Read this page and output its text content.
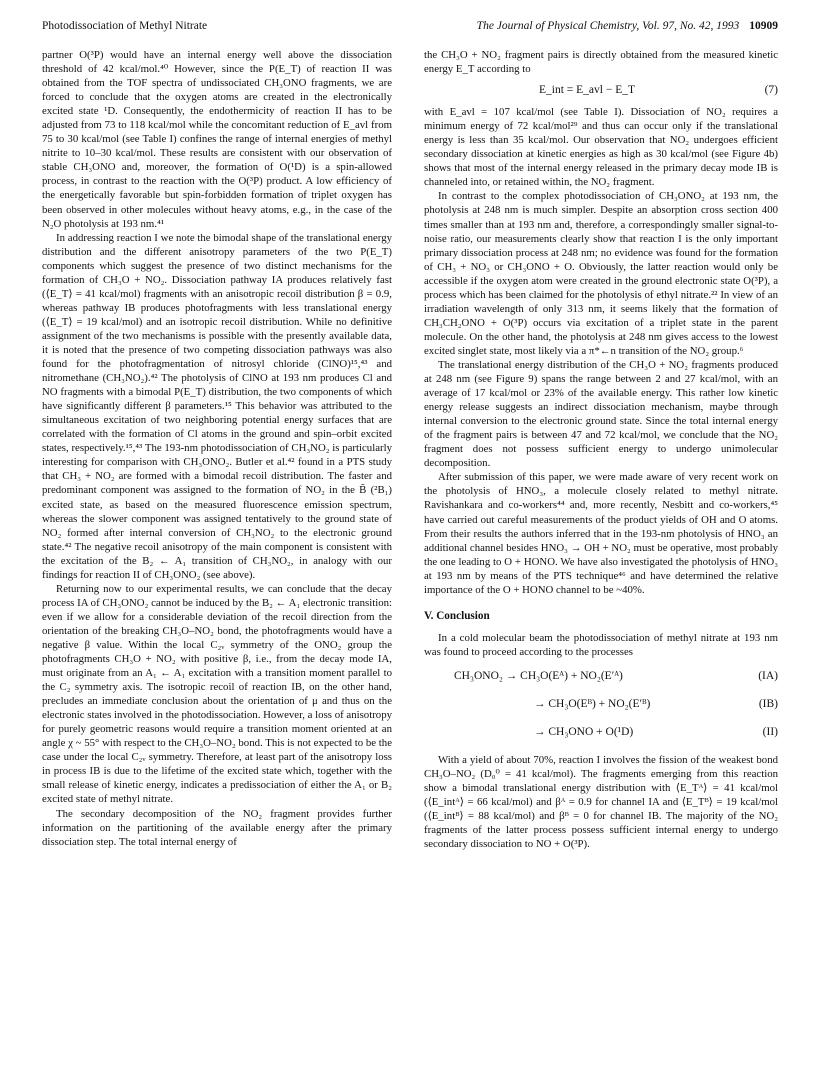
Photodissociation of Methyl Nitrate	The Journal of Physical Chemistry, Vol. 97, No. 42, 1993 10909

partner O(³P) would have an internal energy well above the dissociation threshold of 42 kcal/mol.⁴⁰ However, since the P(E_T) of reaction II was obtained from the TOF spectra of undissociated CH₃ONO fragments, we are forced to conclude that the oxygen atoms are created in the electronically excited state ¹D. Consequently, the endothermicity of reaction II has to be adjusted from 73 to 118 kcal/mol while the concomitant reduction of E_avl from 75 to 30 kcal/mol (see Table I) confines the range of internal energies of methyl nitrite to 10–30 kcal/mol. These results are consistent with our observation of stable CH₃ONO and, moreover, the formation of O(¹D) is a spin-allowed process, in contrast to the reaction with the O(³P) product. A low efficiency of the energetically favorable but spin-forbidden formation of triplet oxygen has been observed in other molecules without heavy atoms, e.g., in the case of the N₂O photolysis at 193 nm.⁴¹

In addressing reaction I we note the bimodal shape of the translational energy distribution and the different anisotropy parameters of the two P(E_T) components which suggest the presence of two distinct mechanisms for the formation of CH₃O + NO₂. Dissociation pathway IA produces relatively fast (⟨E_T⟩ = 41 kcal/mol) fragments with an anisotropic recoil distribution β = 0.9, whereas pathway IB produces photofragments with less translational energy (⟨E_T⟩ = 19 kcal/mol) and an isotropic recoil distribution. While no definitive assignment of the two mechanisms is possible with the presently available data, it is noted that the presence of two competing dissociation pathways was also found for the photofragmentation of nitrosyl chloride (ClNO)¹⁵,⁴³ and nitromethane (CH₃NO₂).⁴² The photolysis of ClNO at 193 nm produces Cl and NO fragments with a bimodal P(E_T) distribution, the two components of which have significantly different β parameters.¹⁵ This behavior was attributed to the simultaneous excitation of two neighboring potential energy surfaces that are correlated with the formation of Cl atoms in the ground and spin–orbit excited states, respectively.¹⁵,⁴³ The 193-nm photodissociation of CH₃NO₂ is particularly interesting for comparison with CH₃ONO₂. Butler et al.⁴² found in a PTS study that CH₃ + NO₂ are formed with a bimodal recoil distribution. The faster and predominant component was assigned to the formation of NO₂ in the B̃ (²B₁) excited state, as based on the measured fluorescence emission spectrum, whereas the slower component was assigned tentatively to the ground state of NO₂ formed after internal conversion of CH₃NO₂ to the electronic ground state.⁴² The negative recoil anisotropy of the main component is consistent with the excitation of the B₂ ← A₁ transition of CH₃NO₂, in analogy with our findings for reaction II of CH₃ONO₂ (see above).

Returning now to our experimental results, we can conclude that the decay process IA of CH₃ONO₂ cannot be induced by the B₂ ← A₁ electronic transition: even if we allow for a considerable deviation of the recoil direction from the orientation of the breaking CH₃O–NO₂ bond, the photofragments would have a negative β value. Within the local C₂ᵥ symmetry of the ONO₂ group the photofragments CH₃O + NO₂ with positive β, i.e., from the decay mode IA, must originate from an A₁ ← A₁ excitation with a transition moment parallel to the C₂ symmetry axis. The isotropic recoil of reaction IB, on the other hand, precludes an immediate conclusion about the orientation of μ and thus on the electronic states involved in the photodissociation. However, a loss of anisotropy for purely geometric reasons would require a transition moment oriented at an angle χ ~ 55° with respect to the CH₃O–NO₂ bond. This is not expected to be the case under the local C₂ᵥ symmetry. Therefore, at least part of the anisotropy loss in process IB is due to the lifetime of the excited state which, together with the small release of kinetic energy, indicates a predissociation of either the A₁ or B₂ excited state of methyl nitrate.

The secondary decomposition of the NO₂ fragment provides further information on the partitioning of the available energy after the primary dissociation step. The total internal energy of

the CH₃O + NO₂ fragment pairs is directly obtained from the measured kinetic energy E_T according to

E_int = E_avl − E_T	(7)

with E_avl = 107 kcal/mol (see Table I). Dissociation of NO₂ requires a minimum energy of 72 kcal/mol²⁹ and thus can occur only if the translational energy is less than 35 kcal/mol. Our observation that NO₂ undergoes efficient secondary dissociation at kinetic energies as high as 30 kcal/mol (see Figure 4b) shows that most of the internal energy released in the primary decay mode IB is channeled into, or retained within, the NO₂ fragment.

In contrast to the complex photodissociation of CH₃ONO₂ at 193 nm, the photolysis at 248 nm is much simpler. Despite an absorption cross section 400 times smaller than at 193 nm and, therefore, a correspondingly smaller signal-to-noise ratio, our measurements clearly show that reaction I is the only important primary dissociation process at 248 nm; no evidence was found for the formation of CH₃ + NO₃ or CH₃ONO + O. Obviously, the latter reaction would only be accessible if the oxygen atom were created in the ground electronic state O(³P), a process which has been claimed for the photolysis of ethyl nitrate.²² In view of an irradiation wavelength of only 313 nm, it seems likely that the formation of CH₃CH₂ONO + O(³P) occurs via excitation of a triplet state in the parent molecule. On the other hand, the photolysis at 248 nm gives access to the lowest excited singlet state, most likely via a π*←n transition of the NO₂ group.⁶

The translational energy distribution of the CH₃O + NO₂ fragments produced at 248 nm (see Figure 9) spans the range between 2 and 27 kcal/mol, with an average of 17 kcal/mol or 23% of the available energy. This rather low kinetic energy release suggests an indirect dissociation mechanism, maybe through internal conversion to the electronic ground state. Since the total internal energy of the fragment pairs is between 47 and 72 kcal/mol, we conclude that the NO₂ fragment does not possess sufficient energy to undergo unimolecular decomposition.

After submission of this paper, we were made aware of very recent work on the photolysis of HNO₃, a molecule closely related to methyl nitrate. Ravishankara and co-workers⁴⁴ and, more recently, Nesbitt and co-workers,⁴⁵ have carried out careful measurements of the product yields of OH and O atoms. From their results the authors inferred that in the 193-nm photolysis of HNO₃ an additional channel besides HNO₃ → OH + NO₂ must be operative, most probably the one leading to O + HONO. We have also investigated the photolysis of HNO₃ at 193 nm by means of the PTS technique⁴⁶ and have determined the relative importance of the O + HONO channel to be ~40%.

V. Conclusion

In a cold molecular beam the photodissociation of methyl nitrate at 193 nm was found to proceed according to the processes

CH₃ONO₂ → CH₃O(Eᴬ) + NO₂(E′ᴬ)	(IA)
→ CH₃O(Eᴮ) + NO₂(E′ᴮ)	(IB)
→ CH₃ONO + O(¹D)	(II)

With a yield of about 70%, reaction I involves the fission of the weakest bond CH₃O–NO₂ (D₀⁰ = 41 kcal/mol). The fragments emerging from this reaction show a bimodal translational energy distribution with ⟨E_Tᴬ⟩ = 41 kcal/mol (⟨E_intᴬ⟩ = 66 kcal/mol) and βᴬ = 0.9 for channel IA and ⟨E_Tᴮ⟩ = 19 kcal/mol (⟨E_intᴮ⟩ = 88 kcal/mol) and βᴮ = 0 for channel IB. The majority of the NO₂ fragments of the latter process possess sufficient internal energy to undergo secondary dissociation to NO + O(³P).
